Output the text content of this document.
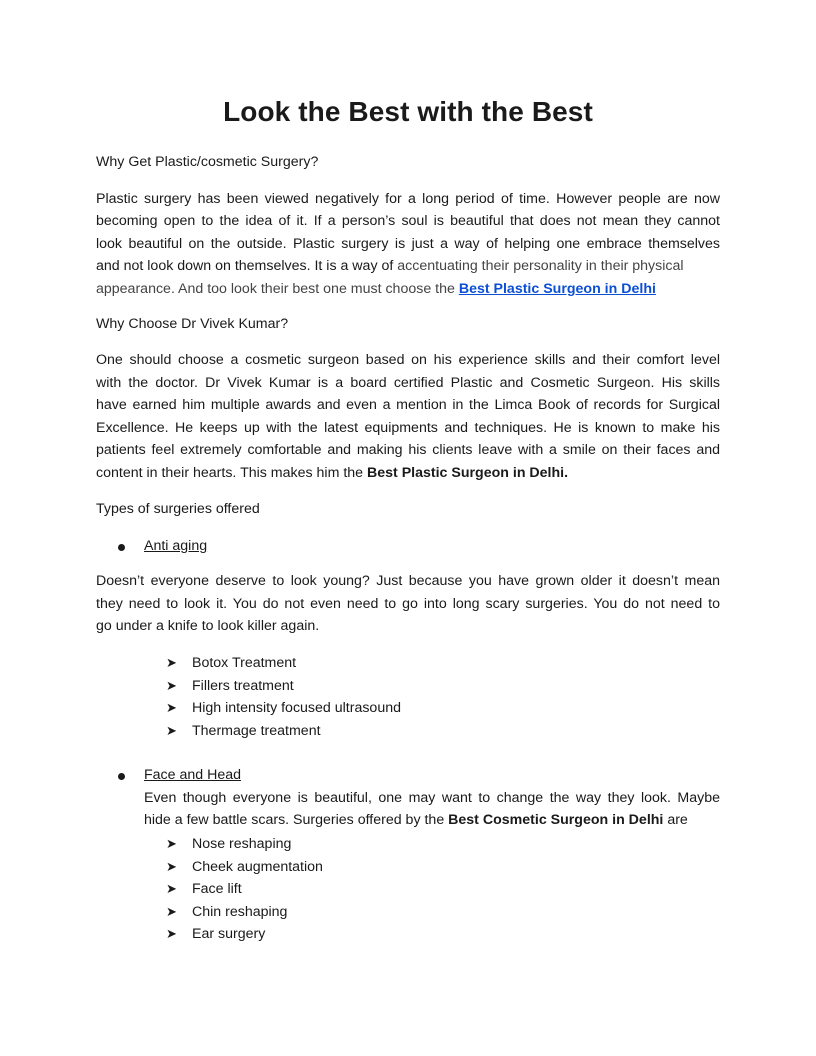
Look the Best with the Best

Why Get Plastic/cosmetic Surgery?

Plastic surgery has been viewed negatively for a long period of time. However people are now

becoming open to the idea of it. If a person’s soul is beautiful that does not mean they cannot

look beautiful on the outside. Plastic surgery is just a way of helping one embrace themselves

and not look down on themselves. It is a way of accentuating their personality in their physical

appearance. And too look their best one must choose the Best Plastic Surgeon in Delhi

Why Choose Dr Vivek Kumar?

One should choose a cosmetic surgeon based on his experience skills and their comfort level

with the doctor. Dr Vivek Kumar is a board certified Plastic and Cosmetic Surgeon. His skills

have earned him multiple awards and even a mention in the Limca Book of records for Surgical

Excellence. He keeps up with the latest equipments and techniques. He is known to make his

patients feel extremely comfortable and making his clients leave with a smile on their faces and

content in their hearts. This makes him the Best Plastic Surgeon in Delhi.

Types of surgeries offered

Anti aging

Doesn’t everyone deserve to look young? Just because you have grown older it doesn’t mean

they need to look it. You do not even need to go into long scary surgeries. You do not need to

go under a knife to look killer again.

➤ Botox Treatment
➤ Fillers treatment
➤ High intensity focused ultrasound
➤ Thermage treatment

Face and Head

Even though everyone is beautiful, one may want to change the way they look. Maybe

hide a few battle scars. Surgeries offered by the Best Cosmetic Surgeon in Delhi are

➤ Nose reshaping
➤ Cheek augmentation
➤ Face lift
➤ Chin reshaping
➤ Ear surgery
